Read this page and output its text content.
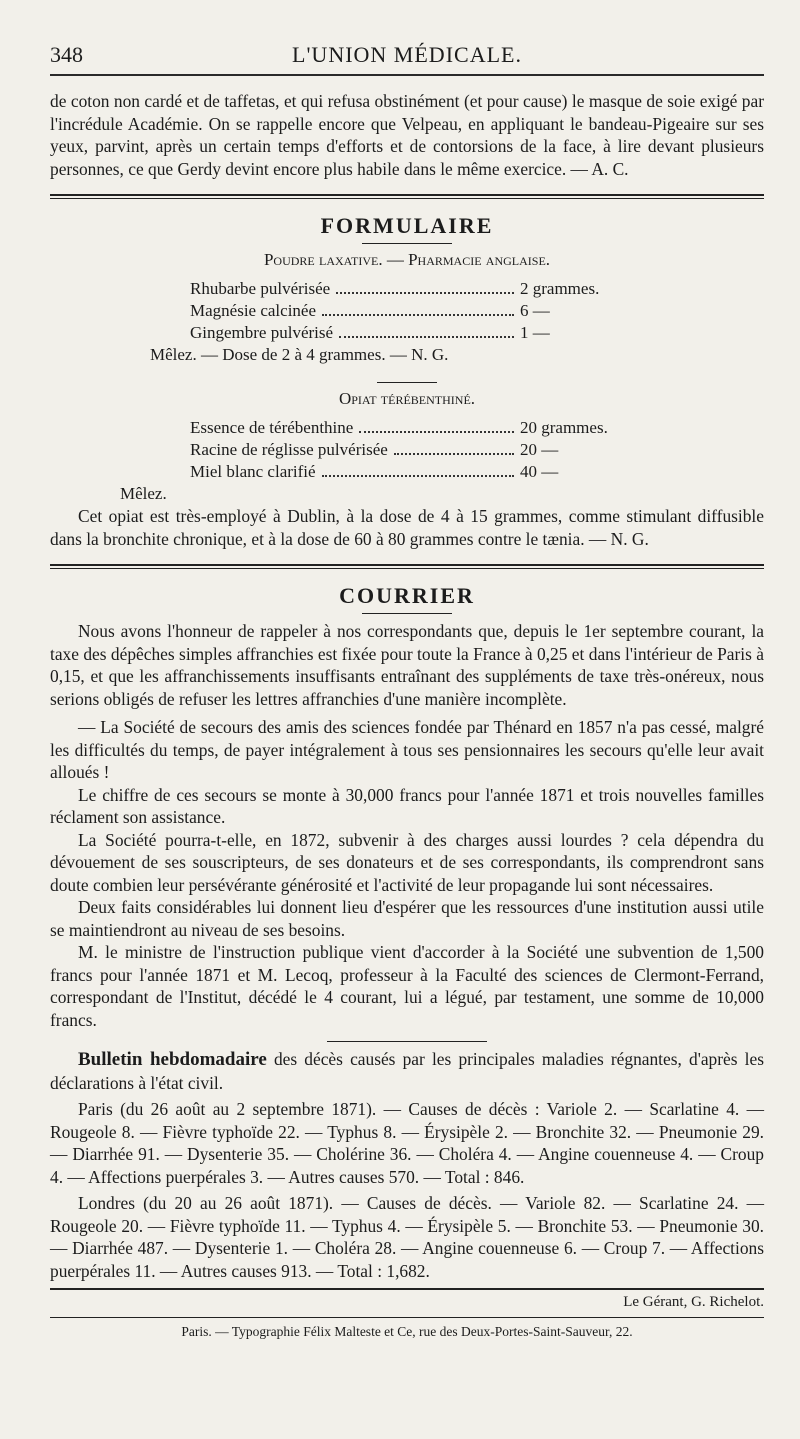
348	L'UNION MÉDICALE.

de coton non cardé et de taffetas, et qui refusa obstinément (et pour cause) le masque de soie exigé par l'incrédule Académie. On se rappelle encore que Velpeau, en appliquant le bandeau-Pigeaire sur ses yeux, parvint, après un certain temps d'efforts et de contorsions de la face, à lire devant plusieurs personnes, ce que Gerdy devint encore plus habile dans le même exercice. — A. C.

FORMULAIRE
Poudre laxative. — Pharmacie anglaise.
Rhubarbe pulvérisée	2 grammes.
Magnésie calcinée	6 —
Gingembre pulvérisé	1 —
Mêlez. — Dose de 2 à 4 grammes. — N. G.
Opiat térébenthiné.
Essence de térébenthine	20 grammes.
Racine de réglisse pulvérisée	20 —
Miel blanc clarifié	40 —
Mêlez.

Cet opiat est très-employé à Dublin, à la dose de 4 à 15 grammes, comme stimulant diffusible dans la bronchite chronique, et à la dose de 60 à 80 grammes contre le tænia. — N. G.

COURRIER

Nous avons l'honneur de rappeler à nos correspondants que, depuis le 1er septembre courant, la taxe des dépêches simples affranchies est fixée pour toute la France à 0,25 et dans l'intérieur de Paris à 0,15, et que les affranchissements insuffisants entraînant des suppléments de taxe très-onéreux, nous serions obligés de refuser les lettres affranchies d'une manière incomplète.

— La Société de secours des amis des sciences fondée par Thénard en 1857 n'a pas cessé, malgré les difficultés du temps, de payer intégralement à tous ses pensionnaires les secours qu'elle leur avait alloués !

Le chiffre de ces secours se monte à 30,000 francs pour l'année 1871 et trois nouvelles familles réclament son assistance.

La Société pourra-t-elle, en 1872, subvenir à des charges aussi lourdes ? cela dépendra du dévouement de ses souscripteurs, de ses donateurs et de ses correspondants, ils comprendront sans doute combien leur persévérante générosité et l'activité de leur propagande lui sont nécessaires.

Deux faits considérables lui donnent lieu d'espérer que les ressources d'une institution aussi utile se maintiendront au niveau de ses besoins.

M. le ministre de l'instruction publique vient d'accorder à la Société une subvention de 1,500 francs pour l'année 1871 et M. Lecoq, professeur à la Faculté des sciences de Clermont-Ferrand, correspondant de l'Institut, décédé le 4 courant, lui a légué, par testament, une somme de 10,000 francs.

Bulletin hebdomadaire des décès causés par les principales maladies régnantes, d'après les déclarations à l'état civil.

Paris (du 26 août au 2 septembre 1871). — Causes de décès : Variole 2. — Scarlatine 4. — Rougeole 8. — Fièvre typhoïde 22. — Typhus 8. — Érysipèle 2. — Bronchite 32. — Pneumonie 29. — Diarrhée 91. — Dysenterie 35. — Cholérine 36. — Choléra 4. — Angine couenneuse 4. — Croup 4. — Affections puerpérales 3. — Autres causes 570. — Total : 846.

Londres (du 20 au 26 août 1871). — Causes de décès. — Variole 82. — Scarlatine 24. — Rougeole 20. — Fièvre typhoïde 11. — Typhus 4. — Érysipèle 5. — Bronchite 53. — Pneumonie 30. — Diarrhée 487. — Dysenterie 1. — Choléra 28. — Angine couenneuse 6. — Croup 7. — Affections puerpérales 11. — Autres causes 913. — Total : 1,682.

Le Gérant, G. Richelot.
Paris. — Typographie Félix Malteste et Ce, rue des Deux-Portes-Saint-Sauveur, 22.
